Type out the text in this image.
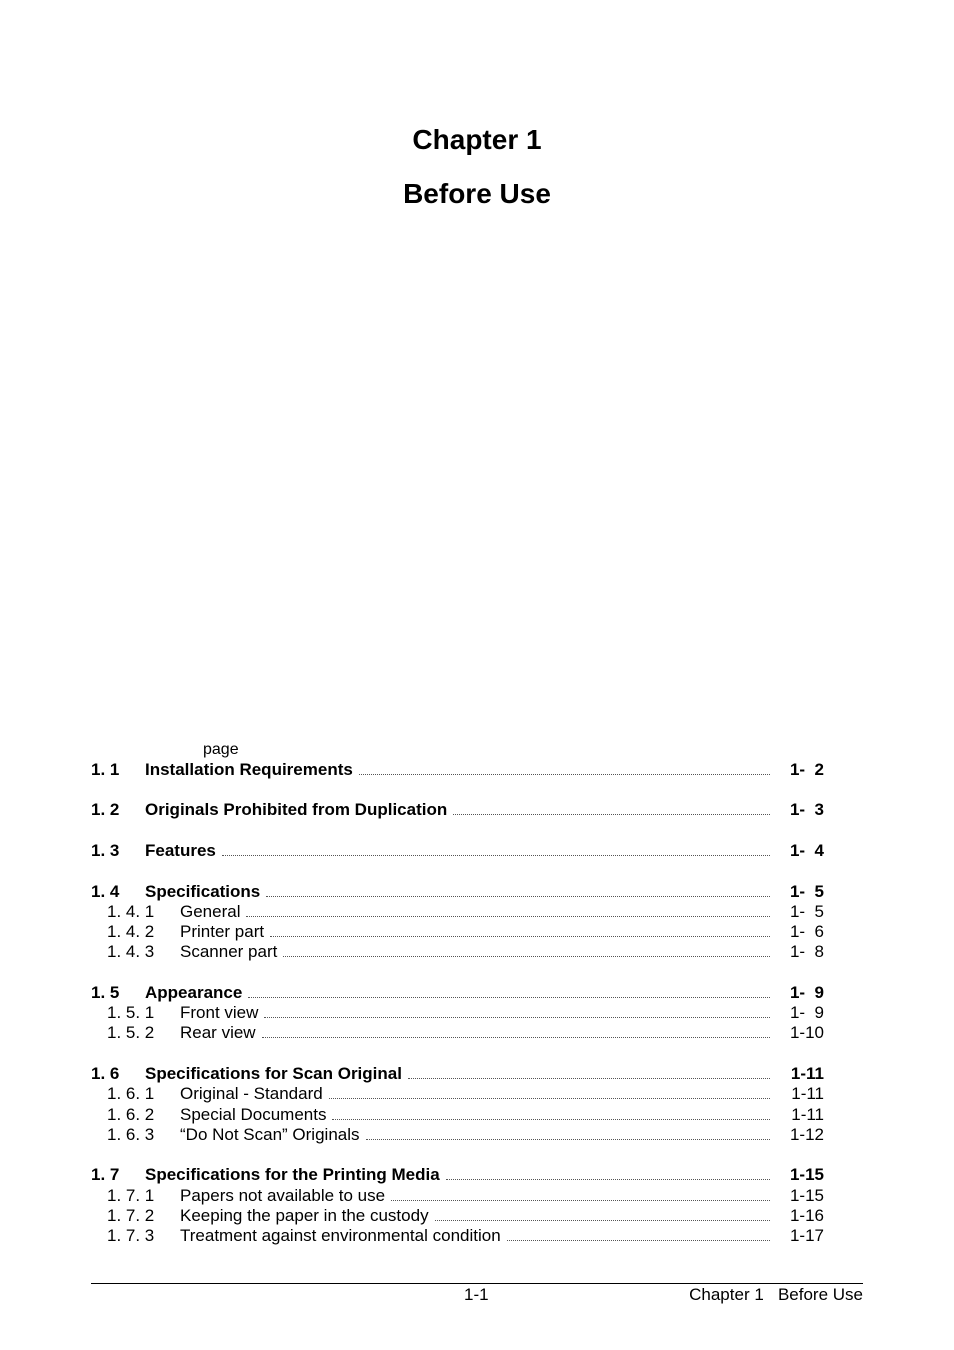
Chapter 1
Before Use
page
1. 1 Installation Requirements	1-  2
1. 2 Originals Prohibited from Duplication	1-  3
1. 3 Features	1-  4
1. 4 Specifications	1-  5
1. 4. 1 General	1-  5
1. 4. 2 Printer part	1-  6
1. 4. 3 Scanner part	1-  8
1. 5 Appearance	1-  9
1. 5. 1 Front view	1-  9
1. 5. 2 Rear view	1-10
1. 6 Specifications for Scan Original	1-11
1. 6. 1 Original - Standard	1-11
1. 6. 2 Special Documents	1-11
1. 6. 3 “Do Not Scan” Originals	1-12
1. 7 Specifications for the Printing Media	1-15
1. 7. 1 Papers not available to use	1-15
1. 7. 2 Keeping the paper in the custody	1-16
1. 7. 3 Treatment against environmental condition	1-17
1-1	Chapter 1   Before Use
